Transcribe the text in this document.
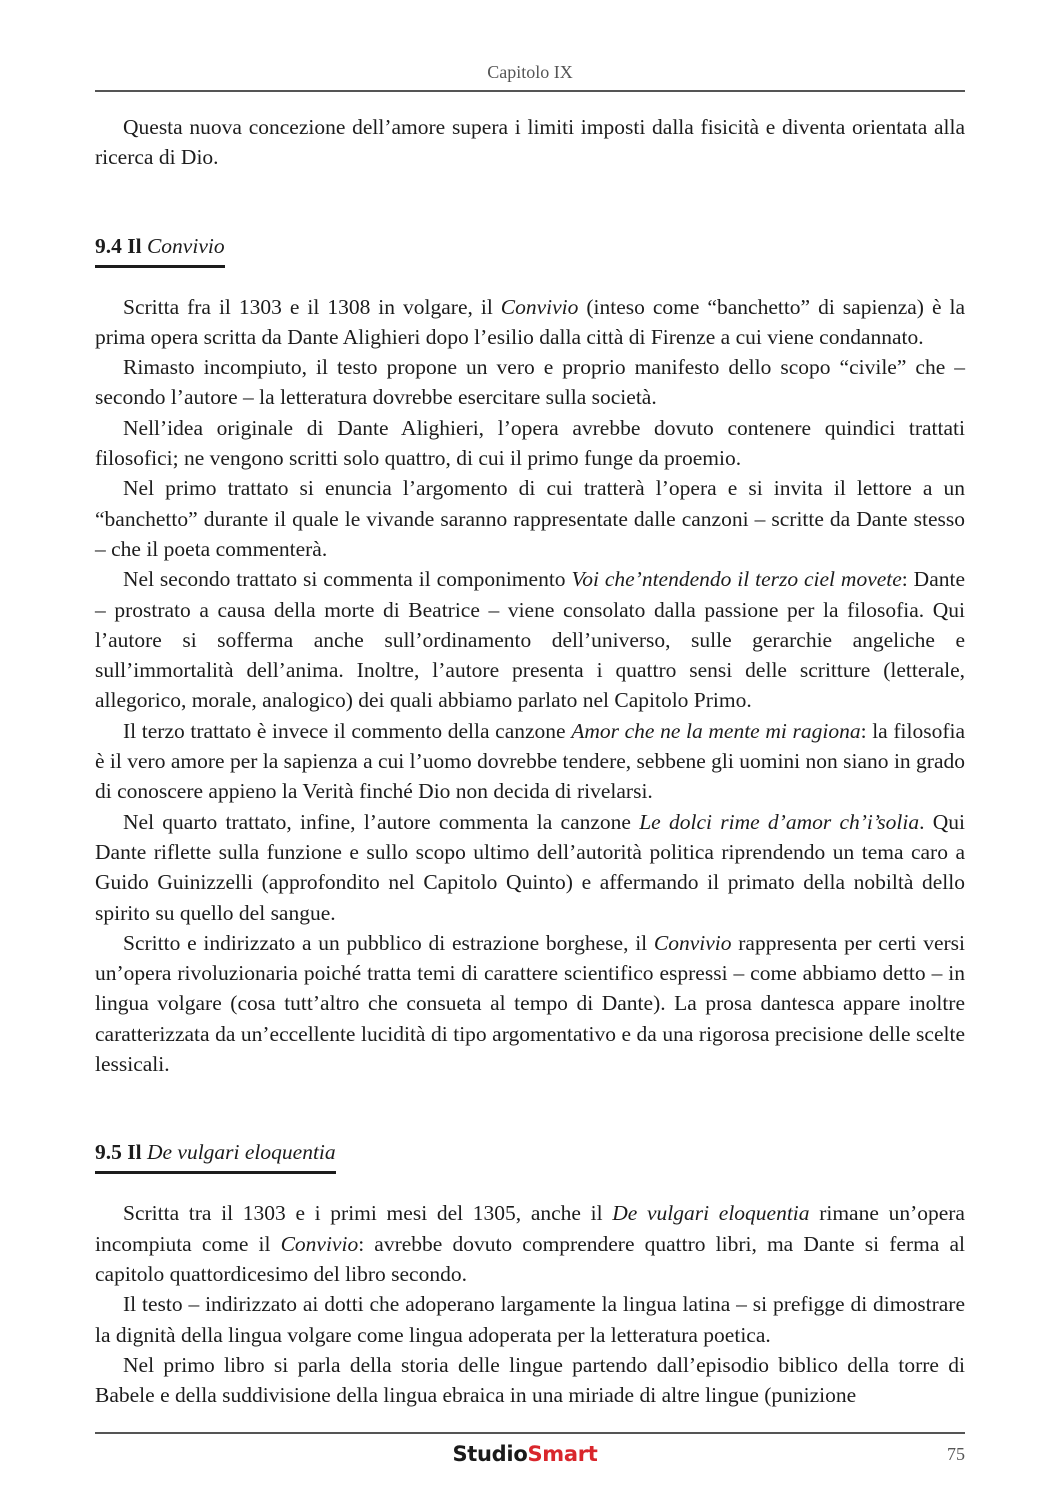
Capitolo IX

Questa nuova concezione dell’amore supera i limiti imposti dalla fisicità e diventa orientata alla ricerca di Dio.

9.4 Il Convivio

Scritta fra il 1303 e il 1308 in volgare, il Convivio (inteso come “banchetto” di sapienza) è la prima opera scritta da Dante Alighieri dopo l’esilio dalla città di Firenze a cui viene condannato.

Rimasto incompiuto, il testo propone un vero e proprio manifesto dello scopo “civile” che – secondo l’autore – la letteratura dovrebbe esercitare sulla società.

Nell’idea originale di Dante Alighieri, l’opera avrebbe dovuto contenere quindici trattati filosofici; ne vengono scritti solo quattro, di cui il primo funge da proemio.

Nel primo trattato si enuncia l’argomento di cui tratterà l’opera e si invita il lettore a un “banchetto” durante il quale le vivande saranno rappresentate dalle canzoni – scritte da Dante stesso – che il poeta commenterà.

Nel secondo trattato si commenta il componimento Voi che’ntendendo il terzo ciel movete: Dante – prostrato a causa della morte di Beatrice – viene consolato dalla passione per la filosofia. Qui l’autore si sofferma anche sull’ordinamento dell’universo, sulle gerarchie angeliche e sull’immortalità dell’anima. Inoltre, l’autore presenta i quattro sensi delle scritture (letterale, allegorico, morale, analogico) dei quali abbiamo parlato nel Capitolo Primo.

Il terzo trattato è invece il commento della canzone Amor che ne la mente mi ragiona: la filosofia è il vero amore per la sapienza a cui l’uomo dovrebbe tendere, sebbene gli uomini non siano in grado di conoscere appieno la Verità finché Dio non decida di rivelarsi.

Nel quarto trattato, infine, l’autore commenta la canzone Le dolci rime d’amor ch’i’solia. Qui Dante riflette sulla funzione e sullo scopo ultimo dell’autorità politica riprendendo un tema caro a Guido Guinizzelli (approfondito nel Capitolo Quinto) e affermando il primato della nobiltà dello spirito su quello del sangue.

Scritto e indirizzato a un pubblico di estrazione borghese, il Convivio rappresenta per certi versi un’opera rivoluzionaria poiché tratta temi di carattere scientifico espressi – come abbiamo detto – in lingua volgare (cosa tutt’altro che consueta al tempo di Dante). La prosa dantesca appare inoltre caratterizzata da un’eccellente lucidità di tipo argomentativo e da una rigorosa precisione delle scelte lessicali.

9.5 Il De vulgari eloquentia

Scritta tra il 1303 e i primi mesi del 1305, anche il De vulgari eloquentia rimane un’opera incompiuta come il Convivio: avrebbe dovuto comprendere quattro libri, ma Dante si ferma al capitolo quattordicesimo del libro secondo.

Il testo – indirizzato ai dotti che adoperano largamente la lingua latina – si prefigge di dimostrare la dignità della lingua volgare come lingua adoperata per la letteratura poetica.

Nel primo libro si parla della storia delle lingue partendo dall’episodio biblico della torre di Babele e della suddivisione della lingua ebraica in una miriade di altre lingue (punizione

StudioSmart	75
